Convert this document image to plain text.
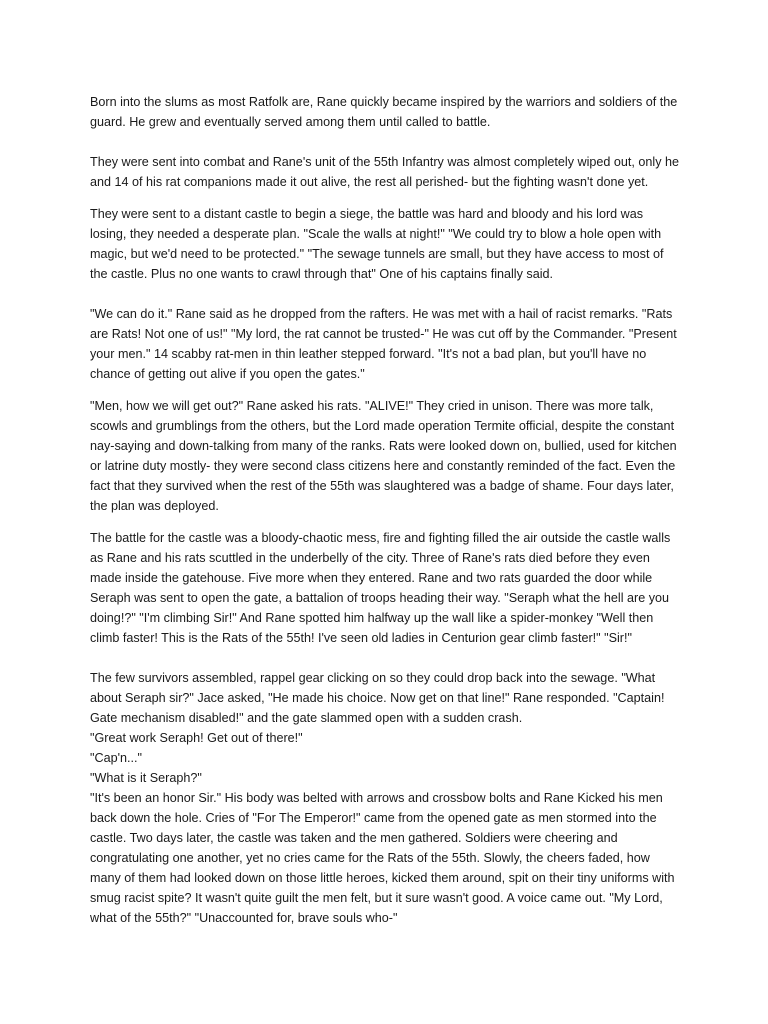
Born into the slums as most Ratfolk are, Rane quickly became inspired by the warriors and soldiers of the guard. He grew and eventually served among them until called to battle.

They were sent into combat and Rane's unit of the 55th Infantry was almost completely wiped out, only he and 14 of his rat companions made it out alive, the rest all perished- but the fighting wasn't done yet.

They were sent to a distant castle to begin a siege, the battle was hard and bloody and his lord was losing, they needed a desperate plan. "Scale the walls at night!" "We could try to blow a hole open with magic, but we'd need to be protected." "The sewage tunnels are small, but they have access to most of the castle. Plus no one wants to crawl through that" One of his captains finally said.

"We can do it." Rane said as he dropped from the rafters. He was met with a hail of racist remarks. "Rats are Rats! Not one of us!" "My lord, the rat cannot be trusted-" He was cut off by the Commander. "Present your men." 14 scabby rat-men in thin leather stepped forward. "It's not a bad plan, but you'll have no chance of getting out alive if you open the gates."

"Men, how we will get out?" Rane asked his rats. "ALIVE!" They cried in unison. There was more talk, scowls and grumblings from the others, but the Lord made operation Termite official, despite the constant nay-saying and down-talking from many of the ranks. Rats were looked down on, bullied, used for kitchen or latrine duty mostly- they were second class citizens here and constantly reminded of the fact. Even the fact that they survived when the rest of the 55th was slaughtered was a badge of shame. Four days later, the plan was deployed.

The battle for the castle was a bloody-chaotic mess, fire and fighting filled the air outside the castle walls as Rane and his rats scuttled in the underbelly of the city. Three of Rane's rats died before they even made inside the gatehouse. Five more when they entered. Rane and two rats guarded the door while Seraph was sent to open the gate, a battalion of troops heading their way. "Seraph what the hell are you doing!?" "I'm climbing Sir!" And Rane spotted him halfway up the wall like a spider-monkey "Well then climb faster! This is the Rats of the 55th! I've seen old ladies in Centurion gear climb faster!" "Sir!"

The few survivors assembled, rappel gear clicking on so they could drop back into the sewage. "What about Seraph sir?" Jace asked, "He made his choice. Now get on that line!" Rane responded. "Captain! Gate mechanism disabled!" and the gate slammed open with a sudden crash.

"Great work Seraph! Get out of there!"

"Cap'n..."

"What is it Seraph?"

"It's been an honor Sir." His body was belted with arrows and crossbow bolts and Rane Kicked his men back down the hole. Cries of "For The Emperor!" came from the opened gate as men stormed into the castle. Two days later, the castle was taken and the men gathered. Soldiers were cheering and congratulating one another, yet no cries came for the Rats of the 55th. Slowly, the cheers faded, how many of them had looked down on those little heroes, kicked them around, spit on their tiny uniforms with smug racist spite? It wasn't quite guilt the men felt, but it sure wasn't good. A voice came out. "My Lord, what of the 55th?" "Unaccounted for, brave souls who-"
